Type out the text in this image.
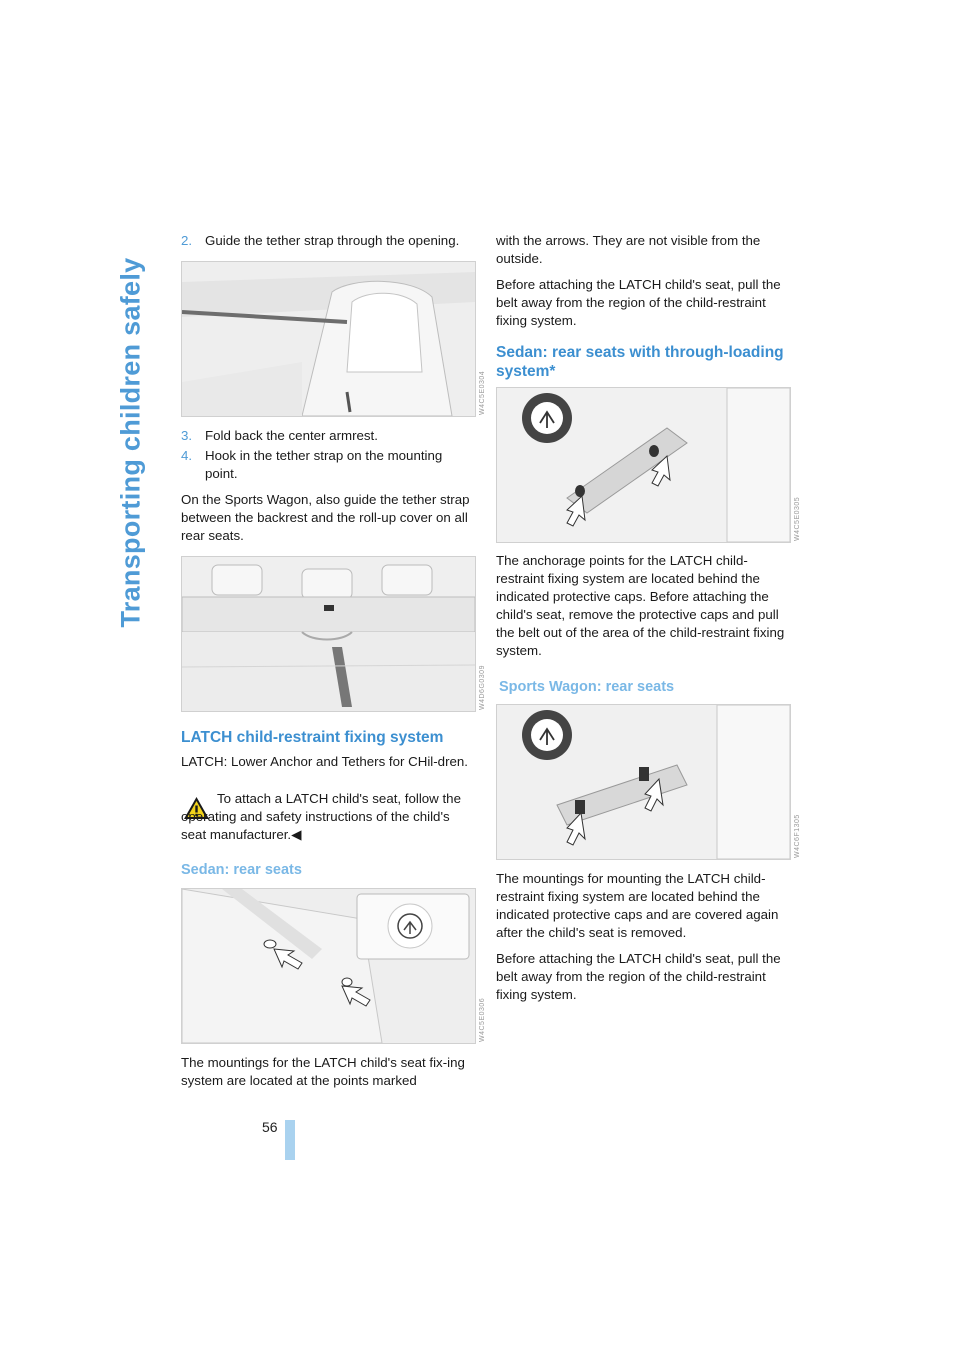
Transporting children safely
2. Guide the tether strap through the opening.
W4C5E0304
3. Fold back the center armrest.
4. Hook in the tether strap on the mounting point.

On the Sports Wagon, also guide the tether strap between the backrest and the roll-up cover on all rear seats.

W4D6G0309
LATCH child-restraint fixing system

LATCH: Lower Anchor and Tethers for CHil-dren.

To attach a LATCH child's seat, follow the operating and safety instructions of the child's seat manufacturer.◀

Sedan: rear seats
W4C5E0306
The mountings for the LATCH child's seat fix-ing system are located at the points marked

with the arrows. They are not visible from the outside.

Before attaching the LATCH child's seat, pull the belt away from the region of the child-restraint fixing system.

Sedan: rear seats with through-loading system*
W4C5E0305
The anchorage points for the LATCH child-restraint fixing system are located behind the indicated protective caps. Before attaching the child's seat, remove the protective caps and pull the belt out of the area of the child-restraint fixing system.
Sports Wagon: rear seats
W4C6F1305

The mountings for mounting the LATCH child-restraint fixing system are located behind the indicated protective caps and are covered again after the child's seat is removed.

Before attaching the LATCH child's seat, pull the belt away from the region of the child-restraint fixing system.

56
